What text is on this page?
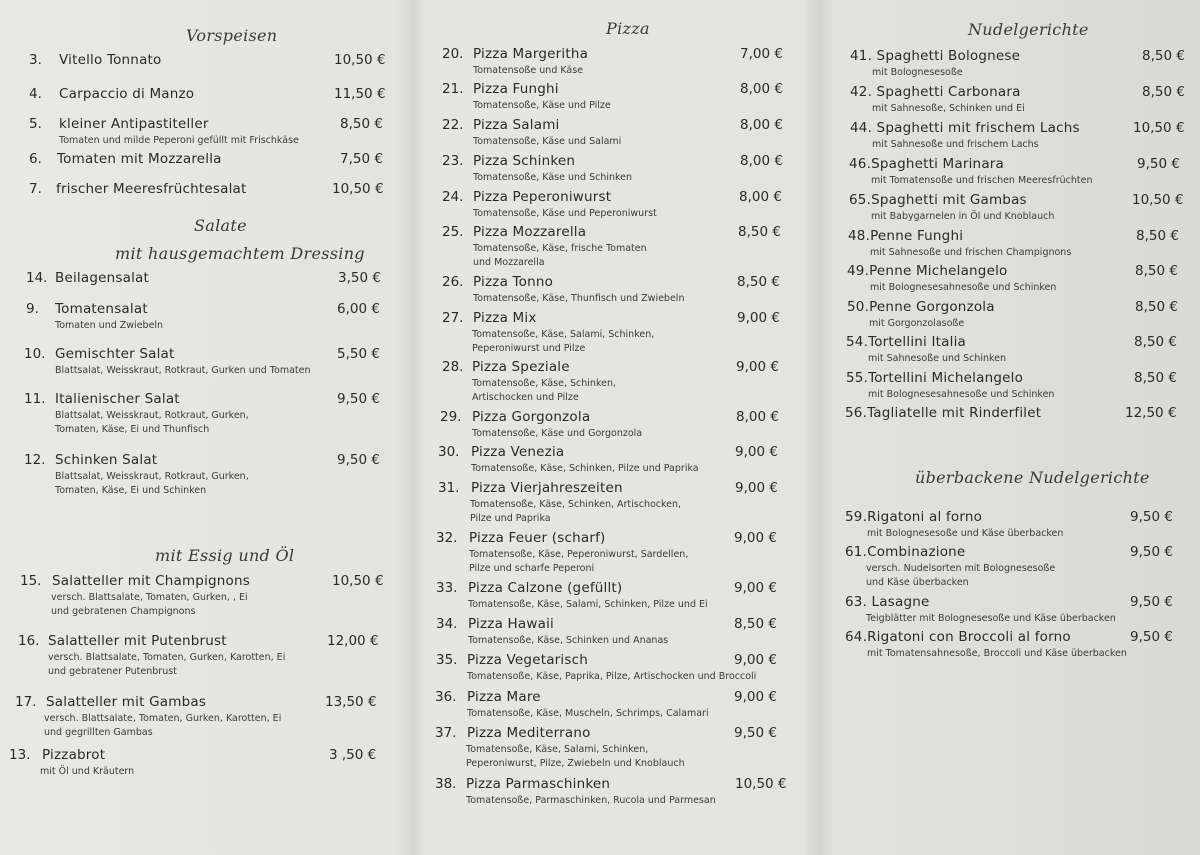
Vorspeisen
Salate
mit hausgemachtem Dressing
mit Essig und Öl
3. Vitello Tonnato	10,50 €
4. Carpaccio di Manzo	11,50 €
5. kleiner Antipastiteller	8,50 €
Tomaten und milde Peperoni gefüllt mit Frischkäse
6. Tomaten mit Mozzarella	7,50 €
7. frischer Meeresfrüchtesalat	10,50 €
14. Beilagensalat	3,50 €
9. Tomatensalat	6,00 €
Tomaten und Zwiebeln
10. Gemischter Salat	5,50 €
Blattsalat, Weisskraut, Rotkraut, Gurken und Tomaten
11. Italienischer Salat	9,50 €
Blattsalat, Weisskraut, Rotkraut, Gurken, Tomaten, Käse, Ei und Thunfisch
12. Schinken Salat	9,50 €
Blattsalat, Weisskraut, Rotkraut, Gurken, Tomaten, Käse, Ei und Schinken
15. Salatteller mit Champignons	10,50 €
versch. Blattsalate, Tomaten, Gurken, , Ei und gebratenen Champignons
16. Salatteller mit Putenbrust	12,00 €
versch. Blattsalate, Tomaten, Gurken, Karotten, Ei und gebratener Putenbrust
17. Salatteller mit Gambas	13,50 €
versch. Blattsalate, Tomaten, Gurken, Karotten, Ei und gegrillten Gambas
13. Pizzabrot	3 ,50 €
mit Öl und Kräutern
Pizza
20. Pizza Margeritha	7,00 €
Tomatensoße und Käse
21. Pizza Funghi	8,00 €
Tomatensoße, Käse und Pilze
22. Pizza Salami	8,00 €
Tomatensoße, Käse und Salami
23. Pizza Schinken	8,00 €
Tomatensoße, Käse und Schinken
24. Pizza Peperoniwurst	8,00 €
Tomatensoße, Käse und Peperoniwurst
25. Pizza Mozzarella	8,50 €
Tomatensoße, Käse, frische Tomaten und Mozzarella
26. Pizza Tonno	8,50 €
Tomatensoße, Käse, Thunfisch und Zwiebeln
27. Pizza Mix	9,00 €
Tomatensoße, Käse, Salami, Schinken, Peperoniwurst und Pilze
28. Pizza Speziale	9,00 €
Tomatensoße, Käse, Schinken, Artischocken und Pilze
29. Pizza Gorgonzola	8,00 €
Tomatensoße, Käse und Gorgonzola
30. Pizza Venezia	9,00 €
Tomatensoße, Käse, Schinken, Pilze und Paprika
31. Pizza Vierjahreszeiten	9,00 €
Tomatensoße, Käse, Schinken, Artischocken, Pilze und Paprika
32. Pizza Feuer (scharf)	9,00 €
Tomatensoße, Käse, Peperoniwurst, Sardellen, Pilze und scharfe Peperoni
33. Pizza Calzone (gefüllt)	9,00 €
Tomatensoße, Käse, Salami, Schinken, Pilze und Ei
34. Pizza Hawaii	8,50 €
Tomatensoße, Käse, Schinken und Ananas
35. Pizza Vegetarisch	9,00 €
Tomatensoße, Käse, Paprika, Pilze, Artischocken und Broccoli
36. Pizza Mare	9,00 €
Tomatensoße, Käse, Muscheln, Schrimps, Calamari
37. Pizza Mediterrano	9,50 €
Tomatensoße, Käse, Salami, Schinken, Peperoniwurst, Pilze, Zwiebeln und Knoblauch
38. Pizza Parmaschinken	10,50 €
Tomatensoße, Parmaschinken, Rucola und Parmesan
Nudelgerichte
überbackene Nudelgerichte
41. Spaghetti Bolognese	8,50 €
mit Bolognesesoße
42. Spaghetti Carbonara	8,50 €
mit Sahnesoße, Schinken und Ei
44. Spaghetti mit frischem Lachs	10,50 €
mit Sahnesoße und frischem Lachs
46.Spaghetti Marinara	9,50 €
mit Tomatensoße und frischen Meeresfrüchten
65.Spaghetti mit Gambas	10,50 €
mit Babygarnelen in Öl und Knoblauch
48.Penne Funghi	8,50 €
mit Sahnesoße und frischen Champignons
49.Penne Michelangelo	8,50 €
mit Bolognesesahnesoße und Schinken
50.Penne Gorgonzola	8,50 €
mit Gorgonzolasoße
54.Tortellini Italia	8,50 €
mit Sahnesoße und Schinken
55.Tortellini Michelangelo	8,50 €
mit Bolognesesahnesoße und Schinken
56.Tagliatelle mit Rinderfilet	12,50 €
59.Rigatoni al forno	9,50 €
mit Bolognesesoße und Käse überbacken
61.Combinazione	9,50 €
versch. Nudelsorten mit Bolognesesoße und Käse überbacken
63. Lasagne	9,50 €
Teigblätter mit Bolognesesoße und Käse überbacken
64.Rigatoni con Broccoli al forno	9,50 €
mit Tomatensahnesoße, Broccoli und Käse überbacken
